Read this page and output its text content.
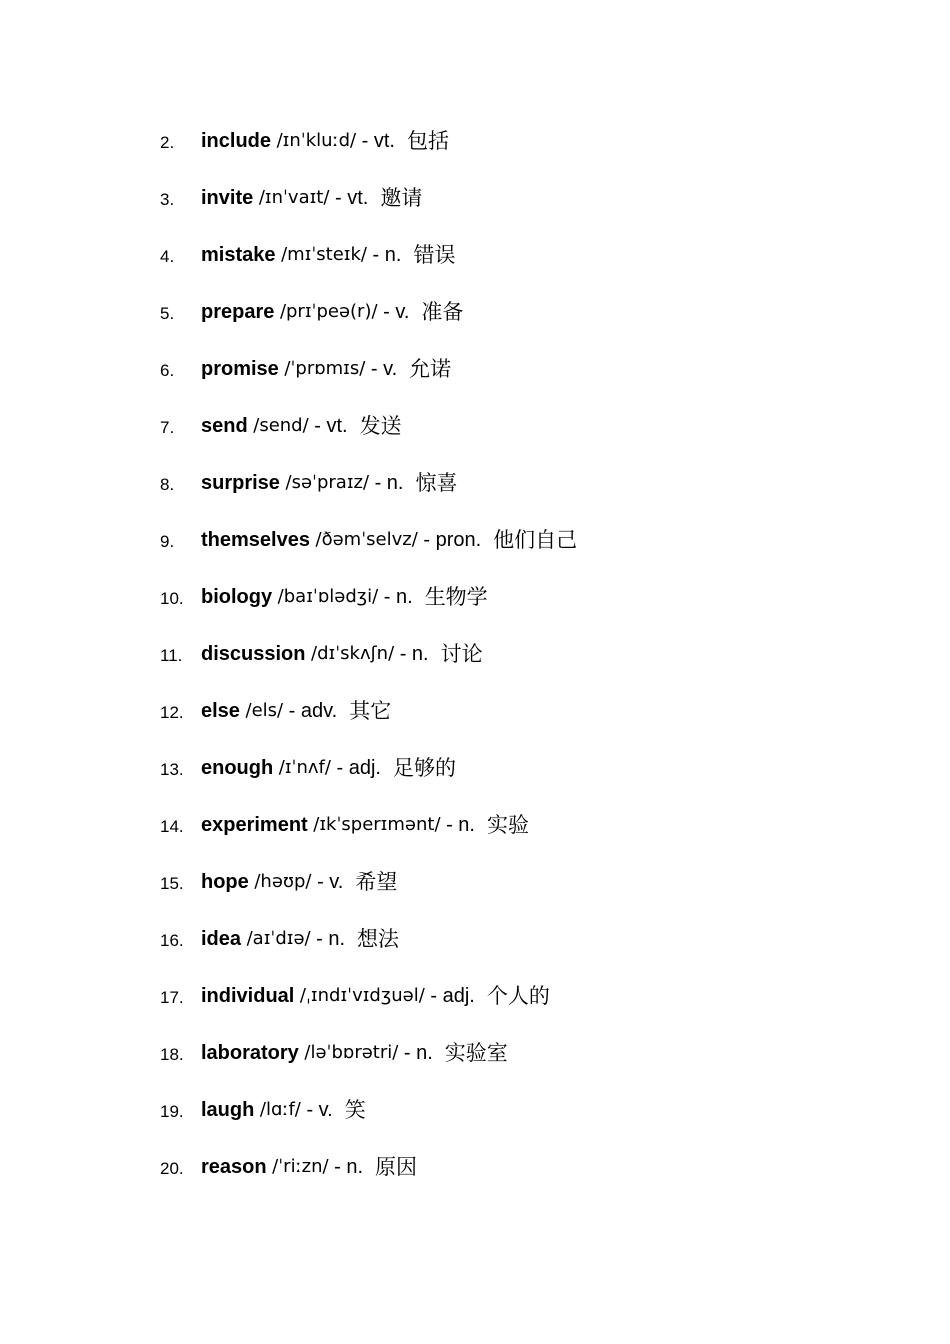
2.	include
/ɪnˈkluːd/
- vt. 包括
3.	invite
/ɪnˈvaɪt/
- vt. 邀请
4.	mistake
/mɪˈsteɪk/
- n. 错误
5.	prepare
/prɪˈpeə(r)/
- v. 准备
6.	promise
/ˈprɒmɪs/
- v. 允诺
7.	send
/send/
- vt. 发送
8.	surprise
/səˈpraɪz/
- n. 惊喜
9.	themselves
/ðəmˈselvz/
- pron. 他们自己
10. biology
/baɪˈɒlədʒi/
- n. 生物学
11. discussion
/dɪˈskʌʃn/
- n. 讨论
12. else
/els/
- adv. 其它
13. enough
/ɪˈnʌf/
- adj. 足够的
14. experiment
/ɪkˈsperɪmənt/
- n. 实验
15. hope
/həʊp/
- v. 希望
16. idea
/aɪˈdɪə/
- n. 想法
17. individual
/ˌɪndɪˈvɪdʒuəl/
- adj. 个人的
18. laboratory
/ləˈbɒrətri/
- n. 实验室
19. laugh
/lɑːf/
- v. 笑
20. reason
/ˈriːzn/
- n. 原因
